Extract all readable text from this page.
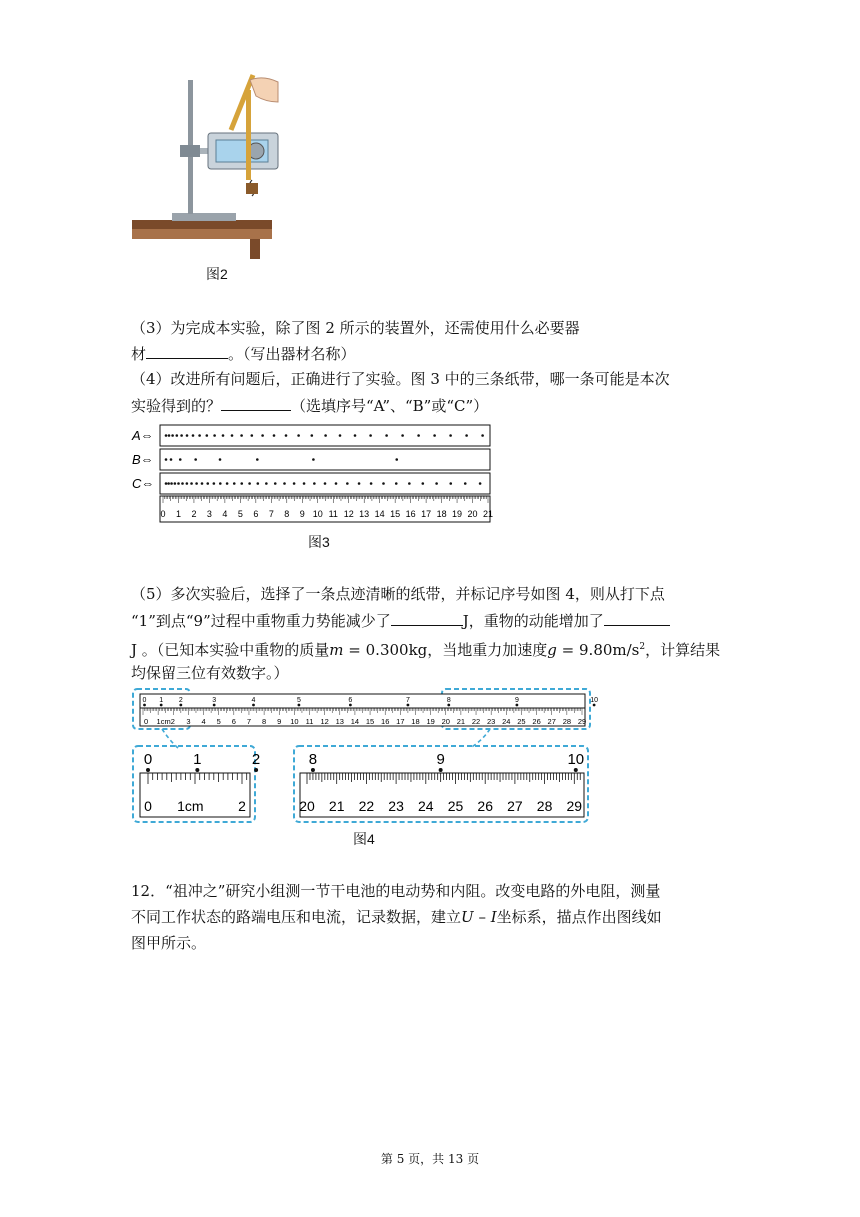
图2
（3）为完成本实验，除了图 2 所示的装置外，还需使用什么必要器
材	。（写出器材名称）
（4）改进所有问题后，正确进行了实验。图 3 中的三条纸带，哪一条可能是本次
实验得到的？	（选填序号“A”、“B”或“C”）
A⇔
B⇔
C⇔
0 1 2 3 4 5 6 7 8 9 10 11 12 13 14 15 16 17 18 19 20 21
图3
（5）多次实验后，选择了一条点迹清晰的纸带，并标记序号如图 4，则从打下点
“1”到点“9”过程中重物重力势能减少了	J，重物的动能增加了
J 。（已知本实验中重物的质量m = 0.300kg，当地重力加速度$g = 9.80m/s^2$，计算结果
均保留三位有效数字。）
0 1 2	3	4	5	6	7	8	9	10
0 1cm2 3 4 5 6 7 8 9 10 11 12 13 14 15 16 17 18 19 20 21 22 23 24 25 26 27 28 29
0	1	2
0 1cm 2
8	9	10
20 21 22 23 24 25 26 27 28 29
图4
12．“祖冲之”研究小组测一节干电池的电动势和内阻。改变电路的外电阻，测量
不同工作状态的路端电压和电流，记录数据，建立U – I坐标系，描点作出图线如
图甲所示。
第 5 页，共 13 页
